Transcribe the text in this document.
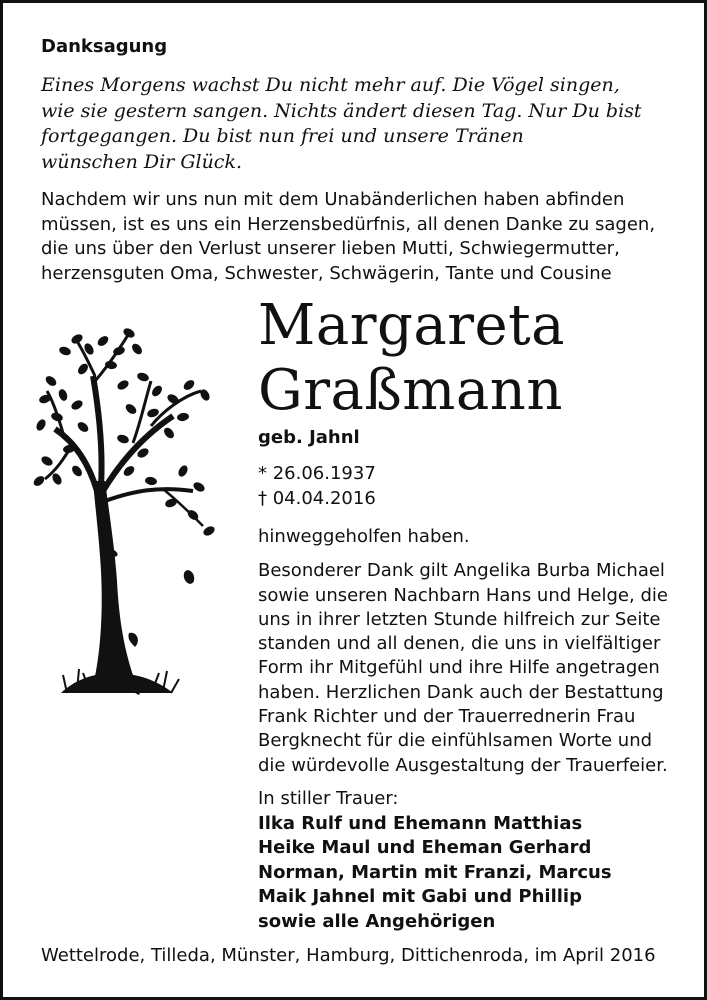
Danksagung
Eines Morgens wachst Du nicht mehr auf. Die Vögel singen,
wie sie gestern sangen. Nichts ändert diesen Tag. Nur Du bist
fortgegangen. Du bist nun frei und unsere Tränen
wünschen Dir Glück.
Nachdem wir uns nun mit dem Unabänderlichen haben abfinden
müssen, ist es uns ein Herzensbedürfnis, all denen Danke zu sagen,
die uns über den Verlust unserer lieben Mutti, Schwiegermutter,
herzensguten Oma, Schwester, Schwägerin, Tante und Cousine
Margareta
Graßmann
geb. Jahnl
* 26.06.1937
† 04.04.2016
hinweggeholfen haben.
Besonderer Dank gilt Angelika Burba Michael
sowie unseren Nachbarn Hans und Helge, die
uns in ihrer letzten Stunde hilfreich zur Seite
standen und all denen, die uns in vielfältiger
Form ihr Mitgefühl und ihre Hilfe angetragen
haben. Herzlichen Dank auch der Bestattung
Frank Richter und der Trauerrednerin Frau
Bergknecht für die einfühlsamen Worte und
die würdevolle Ausgestaltung der Trauerfeier.
In stiller Trauer:
Ilka Rulf und Ehemann Matthias
Heike Maul und Eheman Gerhard
Norman, Martin mit Franzi, Marcus
Maik Jahnel mit Gabi und Phillip
sowie alle Angehörigen
Wettelrode, Tilleda, Münster, Hamburg, Dittichenroda, im April 2016
